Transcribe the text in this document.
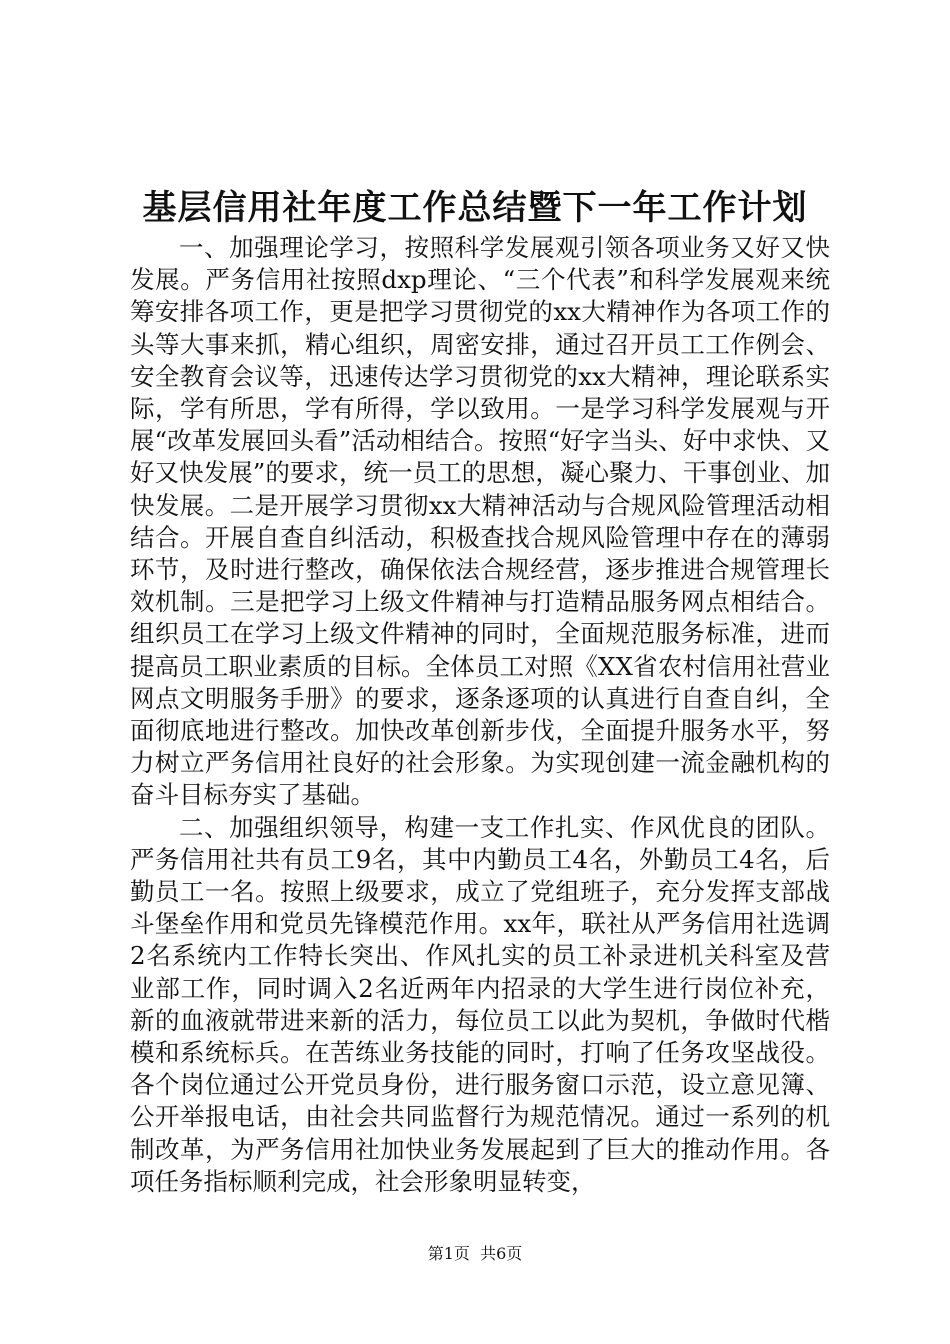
基层信用社年度工作总结暨下一年工作计划

一、加强理论学习，按照科学发展观引领各项业务又好又快发展。严务信用社按照dxp理论、“三个代表”和科学发展观来统筹安排各项工作，更是把学习贯彻党的xx大精神作为各项工作的头等大事来抓，精心组织，周密安排，通过召开员工工作例会、安全教育会议等，迅速传达学习贯彻党的xx大精神，理论联系实际，学有所思，学有所得，学以致用。一是学习科学发展观与开展“改革发展回头看”活动相结合。按照“好字当头、好中求快、又好又快发展”的要求，统一员工的思想，凝心聚力、干事创业、加快发展。二是开展学习贯彻xx大精神活动与合规风险管理活动相结合。开展自查自纠活动，积极查找合规风险管理中存在的薄弱环节，及时进行整改，确保依法合规经营，逐步推进合规管理长效机制。三是把学习上级文件精神与打造精品服务网点相结合。组织员工在学习上级文件精神的同时，全面规范服务标准，进而提高员工职业素质的目标。全体员工对照《XX省农村信用社营业网点文明服务手册》的要求，逐条逐项的认真进行自查自纠，全面彻底地进行整改。加快改革创新步伐，全面提升服务水平，努力树立严务信用社良好的社会形象。为实现创建一流金融机构的奋斗目标夯实了基础。

二、加强组织领导，构建一支工作扎实、作风优良的团队。严务信用社共有员工9名，其中内勤员工4名，外勤员工4名，后勤员工一名。按照上级要求，成立了党组班子，充分发挥支部战斗堡垒作用和党员先锋模范作用。xx年，联社从严务信用社选调2名系统内工作特长突出、作风扎实的员工补录进机关科室及营业部工作，同时调入2名近两年内招录的大学生进行岗位补充，新的血液就带进来新的活力，每位员工以此为契机，争做时代楷模和系统标兵。在苦练业务技能的同时，打响了任务攻坚战役。各个岗位通过公开党员身份，进行服务窗口示范，设立意见簿、公开举报电话，由社会共同监督行为规范情况。通过一系列的机制改革，为严务信用社加快业务发展起到了巨大的推动作用。各项任务指标顺利完成，社会形象明显转变，

第1页  共6页
